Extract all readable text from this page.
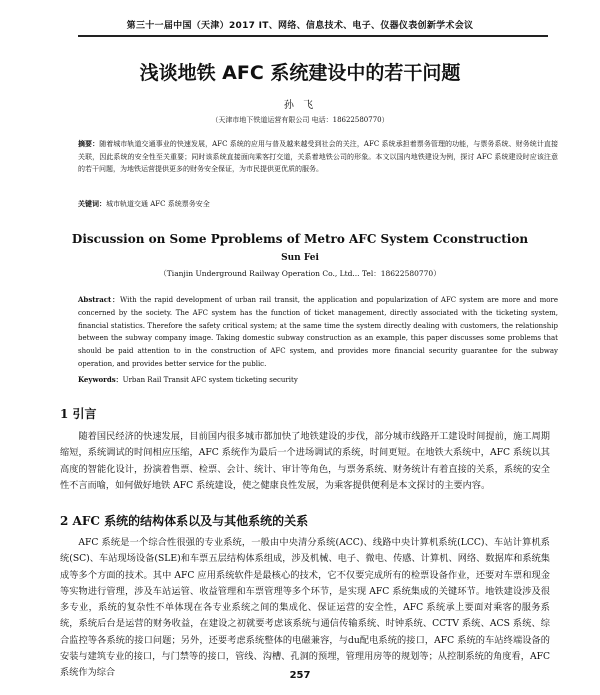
第三十一届中国（天津）2017 IT、网络、信息技术、电子、仪器仪表创新学术会议
浅谈地铁 AFC 系统建设中的若干问题
孙 飞
（天津市地下铁道运营有限公司 电话：18622580770）
摘要：随着城市轨道交通事业的快速发展，AFC 系统的应用与普及越来越受到社会的关注，AFC 系统承担着票务管理的功能，与票务系统、财务统计直接关联，因此系统的安全性至关重要；同时该系统直接面向乘客打交道，关系着地铁公司的形象。本文以国内地铁建设为例，探讨 AFC 系统建设时应该注意的若干问题，为地铁运营提供更多的财务安全保证，为市民提供更优质的服务。
关键词：城市轨道交通 AFC 系统票务安全
Discussion on Some Pproblems of Metro AFC System Cconstruction
Sun Fei
（Tianjin Underground Railway Operation Co., Ltd... Tel：18622580770）
Abstract：With the rapid development of urban rail transit, the application and popularization of AFC system are more and more concerned by the society. The AFC system has the function of ticket management, directly associated with the ticketing system, financial statistics. Therefore the safety critical system; at the same time the system directly dealing with customers, the relationship between the subway company image. Taking domestic subway construction as an example, this paper discusses some problems that should be paid attention to in the construction of AFC system, and provides more financial security guarantee for the subway operation, and provides better service for the public.
Keywords：Urban Rail Transit AFC system ticketing security
1 引言
随着国民经济的快速发展，目前国内很多城市都加快了地铁建设的步伐，部分城市线路开工建设时间提前，施工周期缩短，系统调试的时间相应压缩，AFC 系统作为最后一个进场调试的系统，时间更短。在地铁大系统中，AFC 系统以其高度的智能化设计，扮演着售票、检票、会计、统计、审计等角色，与票务系统、财务统计有着直接的关系，系统的安全性不言而喻，如何做好地铁 AFC 系统建设，使之健康良性发展，为乘客提供便利是本文探讨的主要内容。
2 AFC 系统的结构体系以及与其他系统的关系
AFC 系统是一个综合性很强的专业系统，一般由中央清分系统(ACC)、线路中央计算机系统(LCC)、车站计算机系统(SC)、车站现场设备(SLE)和车票五层结构体系组成，涉及机械、电子、微电、传感、计算机、网络、数据库和系统集成等多个方面的技术。其中 AFC 应用系统软件是最核心的技术，它不仅要完成所有的检票设备作业，还要对车票和现金等实物进行管理，涉及车站运管、收益管理和车票管理等多个环节，是实现 AFC 系统集成的关键环节。地铁建设涉及很多专业，系统的复杂性不单体现在各专业系统之间的集成化、保证运营的安全性，AFC 系统承上要面对乘客的服务系统，系统后台是运营的财务收益，在建设之初就要考虑该系统与通信传输系统、时钟系统、CCTV 系统、ACS 系统、综合监控等各系统的接口问题；另外，还要考虑系统整体的电磁兼容，与du配电系统的接口，AFC 系统的车站终端设备的安装与建筑专业的接口，与门禁等的接口，管线、沟槽、孔洞的预埋，管理用房等的规划等；从控制系统的角度看，AFC 系统作为综合	257
